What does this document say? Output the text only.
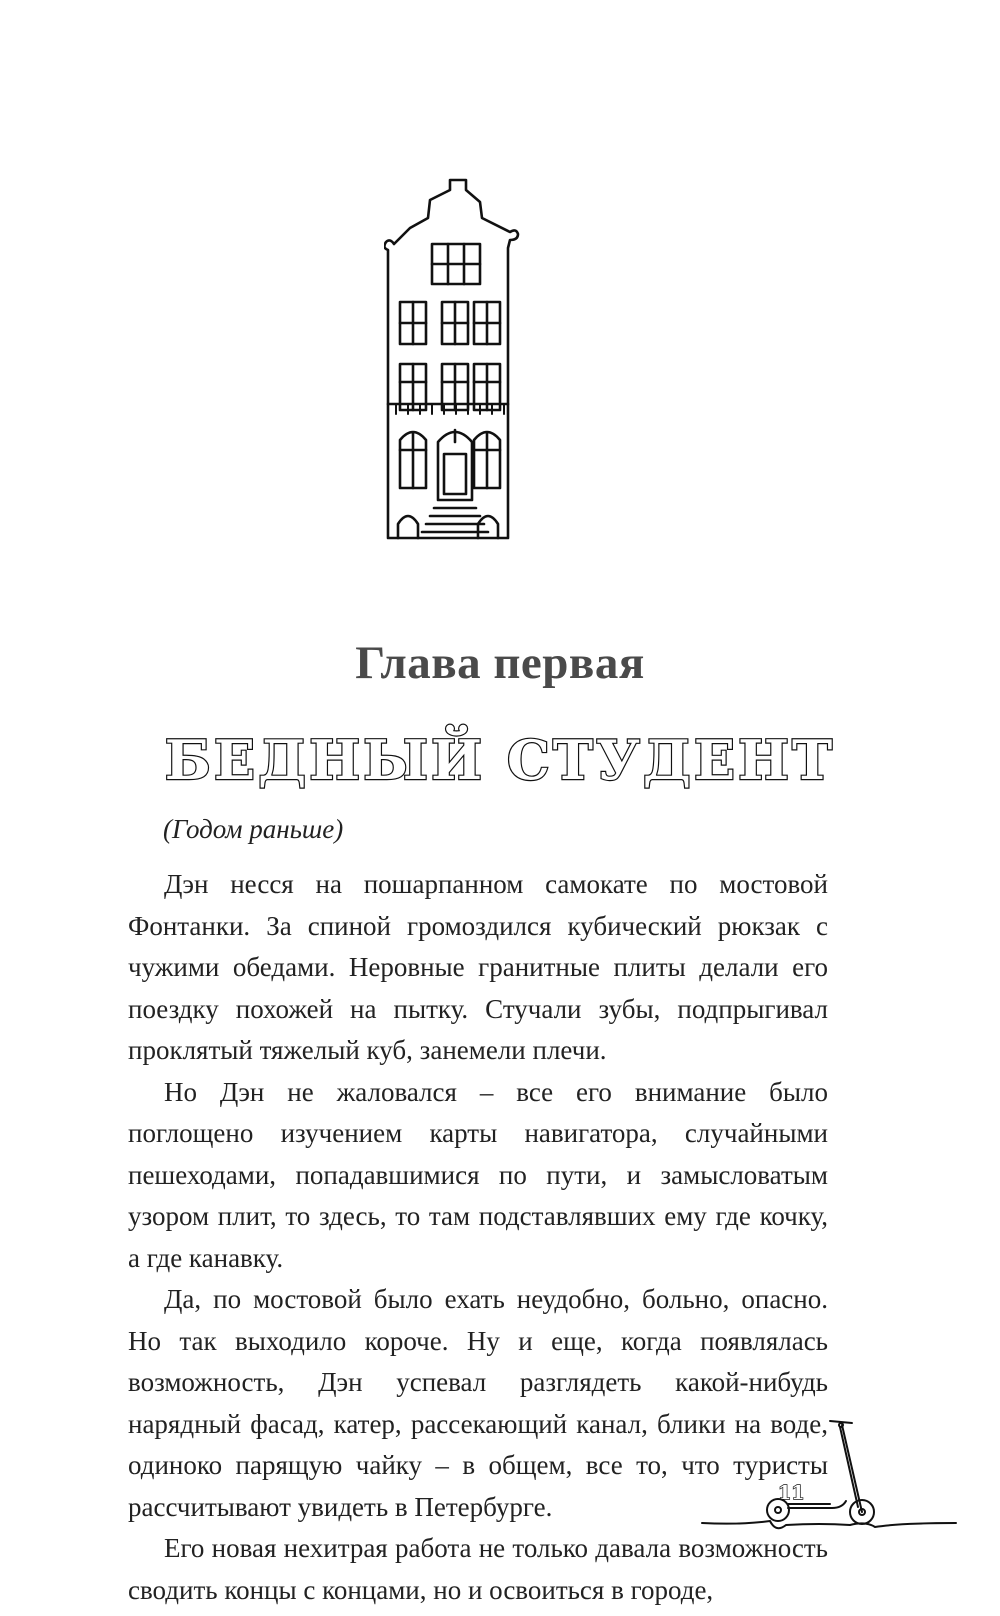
Глава первая
БЕДНЫЙ СТУДЕНТ
(Годом раньше)

Дэн несся на пошарпанном самокате по мостовой Фонтанки. За спиной громоздился кубический рюкзак с чужими обедами. Неровные гранитные плиты делали его поездку похожей на пытку. Стучали зубы, подпрыгивал проклятый тяжелый куб, занемели плечи.

Но Дэн не жаловался – все его внимание было поглощено изучением карты навигатора, случайными пешеходами, попадавшимися по пути, и замысловатым узором плит, то здесь, то там подставлявших ему где кочку, а где канавку.

Да, по мостовой было ехать неудобно, больно, опасно. Но так выходило короче. Ну и еще, когда появлялась возможность, Дэн успевал разглядеть какой-нибудь нарядный фасад, катер, рассекающий канал, блики на воде, одиноко парящую чайку – в общем, все то, что туристы рассчитывают увидеть в Петербурге.

Его новая нехитрая работа не только давала возможность сводить концы с концами, но и освоиться в городе,

11
